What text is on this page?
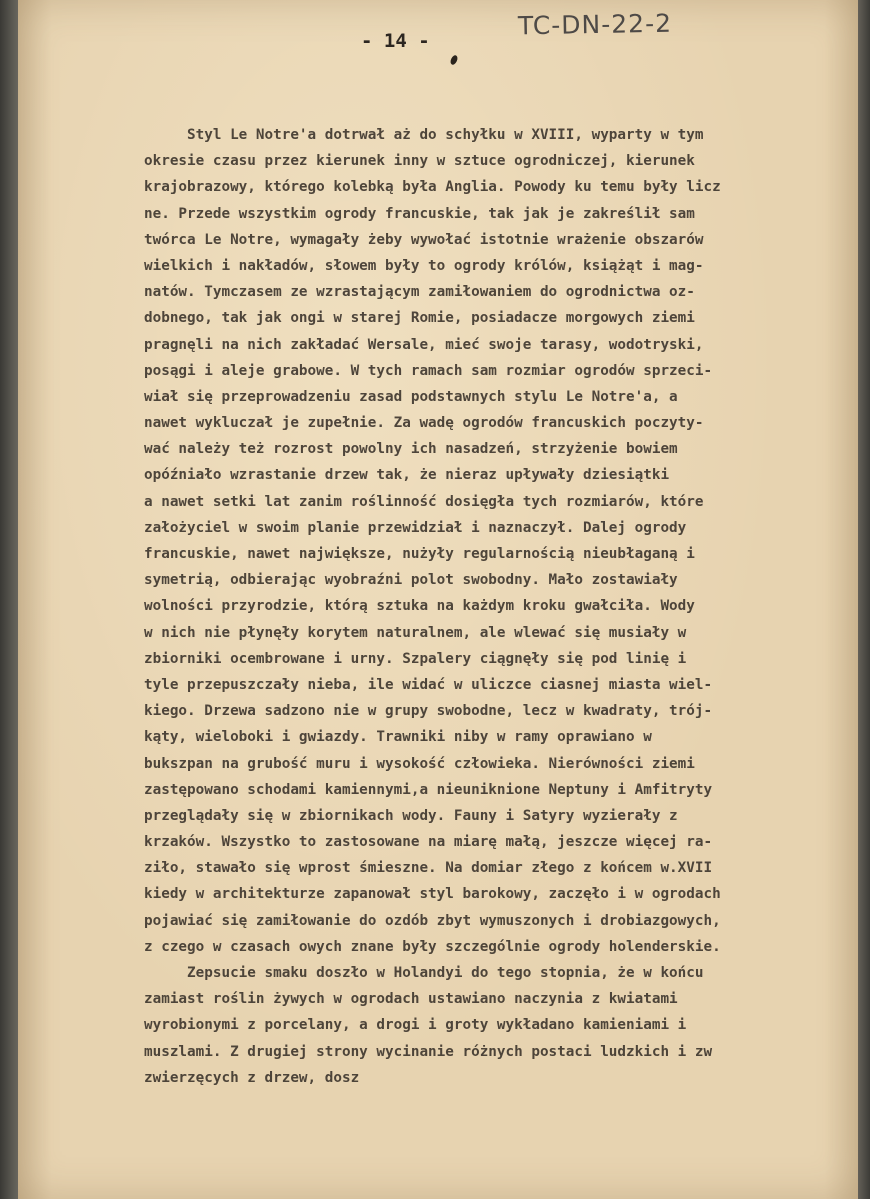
- 14 -
TC-DN-22-2
Styl Le Notre'a dotrwał aż do schyłku w XVIII, wyparty w tym
okresie czasu przez kierunek inny w sztuce ogrodniczej, kierunek
krajobrazowy, którego kolebką była Anglia. Powody ku temu były licz
ne. Przede wszystkim ogrody francuskie, tak jak je zakreślił sam
twórca Le Notre, wymagały żeby wywołać istotnie wrażenie obszarów
wielkich i nakładów, słowem były to ogrody królów, książąt i mag-
natów. Tymczasem ze wzrastającym zamiłowaniem do ogrodnictwa oz-
dobnego, tak jak ongi w starej Romie, posiadacze morgowych ziemi
pragnęli na nich zakładać Wersale, mieć swoje tarasy, wodotryski,
posągi i aleje grabowe. W tych ramach sam rozmiar ogrodów sprzeci-
wiał się przeprowadzeniu zasad podstawnych stylu Le Notre'a, a
nawet wykluczał je zupełnie. Za wadę ogrodów francuskich poczyty-
wać należy też rozrost powolny ich nasadzeń, strzyżenie bowiem
opóźniało wzrastanie drzew tak, że nieraz upływały dziesiątki
a nawet setki lat zanim roślinność dosięgła tych rozmiarów, które
założyciel w swoim planie przewidział i naznaczył. Dalej ogrody
francuskie, nawet największe, nużyły regularnością nieubłaganą i
symetrią, odbierając wyobraźni polot swobodny. Mało zostawiały
wolności przyrodzie, którą sztuka na każdym kroku gwałciła. Wody
w nich nie płynęły korytem naturalnem, ale wlewać się musiały w
zbiorniki ocembrowane i urny. Szpalery ciągnęły się pod linię i
tyle przepuszczały nieba, ile widać w uliczce ciasnej miasta wiel-
kiego. Drzewa sadzono nie w grupy swobodne, lecz w kwadraty, trój-
kąty, wieloboki i gwiazdy. Trawniki niby w ramy oprawiano w
bukszpan na grubość muru i wysokość człowieka. Nierówności ziemi
zastępowano schodami kamiennymi,a nieuniknione Neptuny i Amfitryty
przeglądały się w zbiornikach wody. Fauny i Satyry wyzierały z
krzaków. Wszystko to zastosowane na miarę małą, jeszcze więcej ra-
ziło, stawało się wprost śmieszne. Na domiar złego z końcem w.XVII
kiedy w architekturze zapanował styl barokowy, zaczęło i w ogrodach
pojawiać się zamiłowanie do ozdób zbyt wymuszonych i drobiazgowych,
z czego w czasach owych znane były szczególnie ogrody holenderskie.
Zepsucie smaku doszło w Holandyi do tego stopnia, że w końcu
zamiast roślin żywych w ogrodach ustawiano naczynia z kwiatami
wyrobionymi z porcelany, a drogi i groty wykładano kamieniami i
muszlami. Z drugiej strony wycinanie różnych postaci ludzkich i zw
zwierzęcych z drzew, dosz
